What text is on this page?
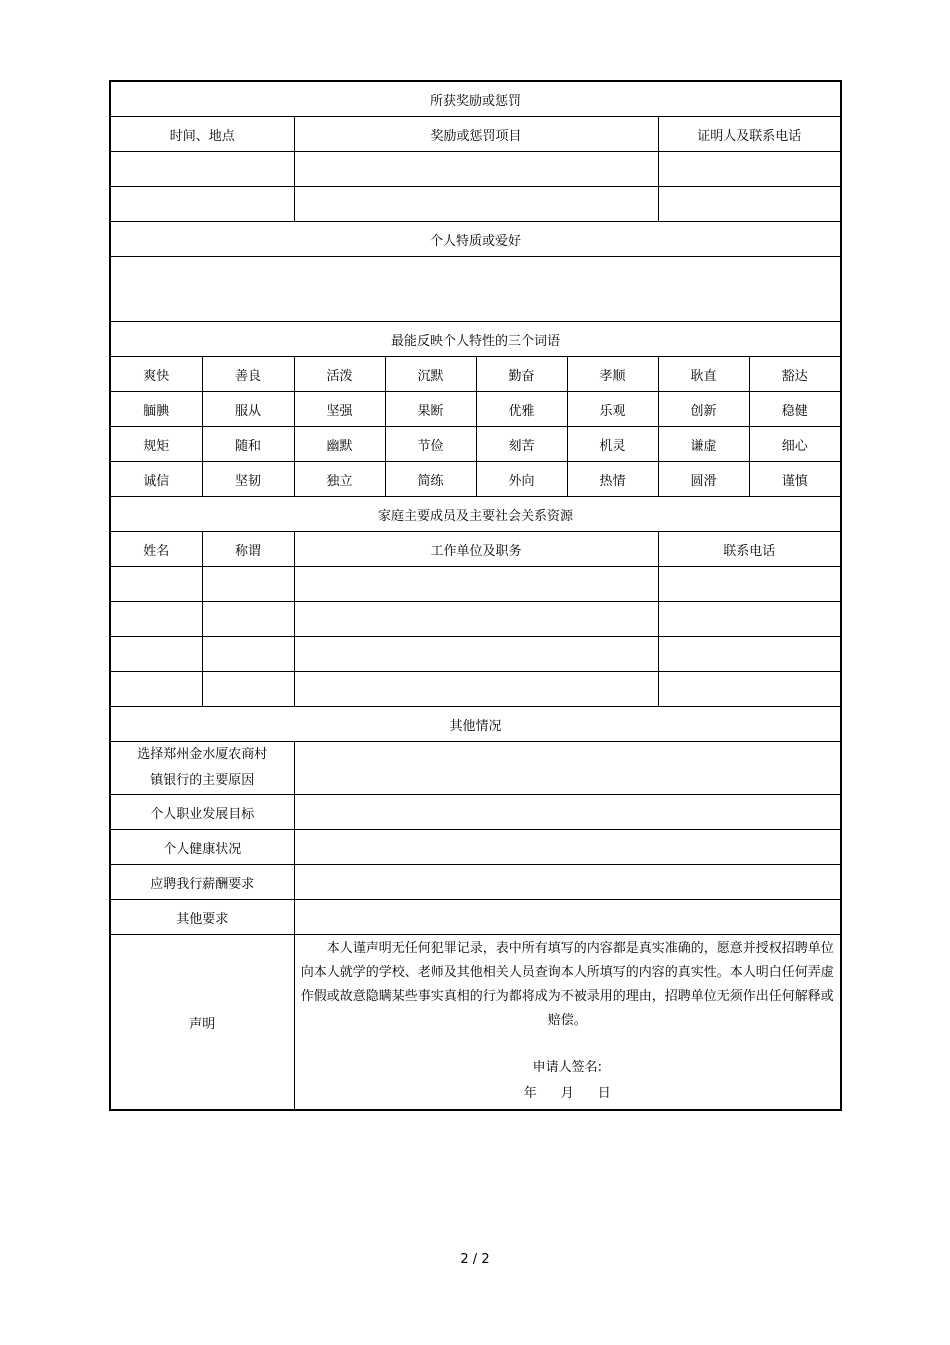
所获奖励或惩罚							
时间、地点		奖励或惩罚项目				证明人及联系电话	

个人特质或爱好							

最能反映个人特性的三个词语							
爽快	善良	活泼	沉默	勤奋	孝顺	耿直	豁达
腼腆	服从	坚强	果断	优雅	乐观	创新	稳健
规矩	随和	幽默	节俭	刻苦	机灵	谦虚	细心
诚信	坚韧	独立	简练	外向	热情	圆滑	谨慎
家庭主要成员及主要社会关系资源							
姓名	称谓	工作单位及职务				联系电话	

其他情况							

选择郑州金水厦农商村
镇银行的主要原因							

个人职业发展目标							
个人健康状况							
应聘我行薪酬要求							
其他要求							
声明		本人谨声明无任何犯罪记录，表中所有填写的内容都是真实准确的，愿意并授权招聘单位向本人就学的学校、老师及其他相关人员查询本人所填写的内容的真实性。本人明白任何弄虚作假或故意隐瞒某些事实真相的行为都将成为不被录用的理由，招聘单位无须作出任何解释或赔偿。

申请人签名:
年 月 日					
2 / 2
